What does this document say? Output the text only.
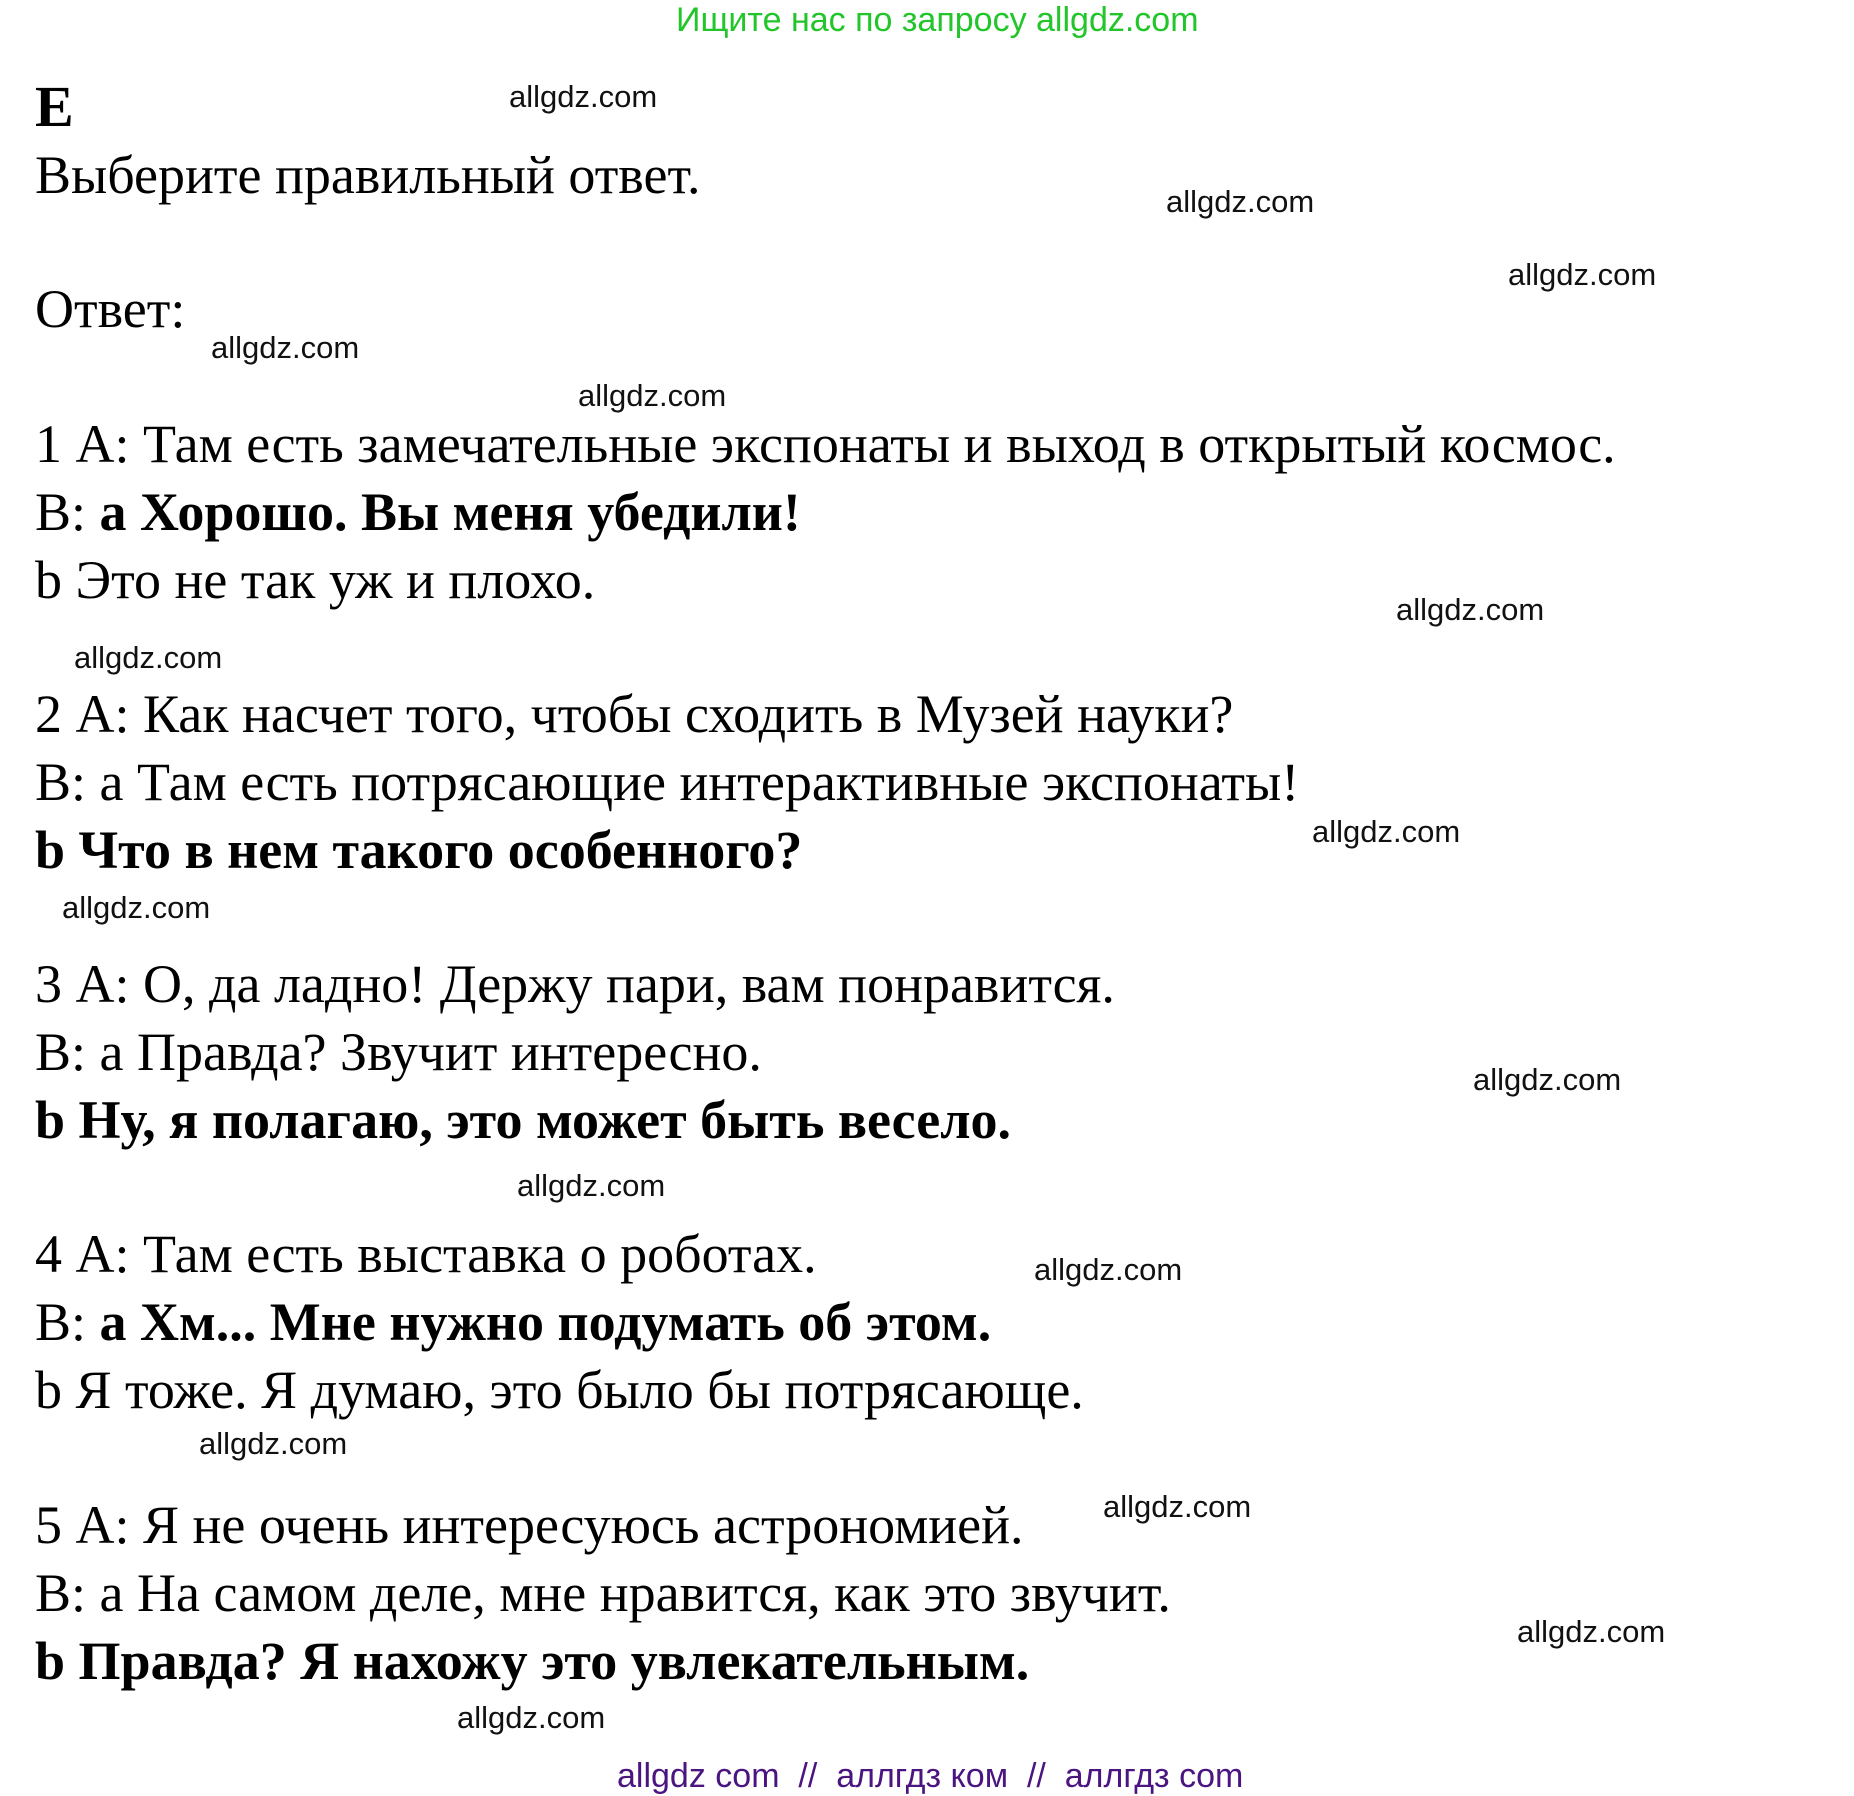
Ищите нас по запросу allgdz.com
E
Выберите правильный ответ.
Ответ:
1 А: Там есть замечательные экспонаты и выход в открытый космос.
B: a Хорошо. Вы меня убедили!
b Это не так уж и плохо.
2 А: Как насчет того, чтобы сходить в Музей науки?
B: a Там есть потрясающие интерактивные экспонаты!
b Что в нем такого особенного?
3 А: О, да ладно! Держу пари, вам понравится.
B: a Правда? Звучит интересно.
b Ну, я полагаю, это может быть весело.
4 А: Там есть выставка о роботах.
B: a Хм... Мне нужно подумать об этом.
b Я тоже. Я думаю, это было бы потрясающе.
5 А: Я не очень интересуюсь астрономией.
B: a На самом деле, мне нравится, как это звучит.
b Правда? Я нахожу это увлекательным.
allgdz.com
allgdz.com
allgdz.com
allgdz.com
allgdz.com
allgdz.com
allgdz.com
allgdz.com
allgdz.com
allgdz.com
allgdz.com
allgdz.com
allgdz.com
allgdz.com
allgdz.com
allgdz.com
allgdz com  //  аллгдз ком  //  аллгдз com
